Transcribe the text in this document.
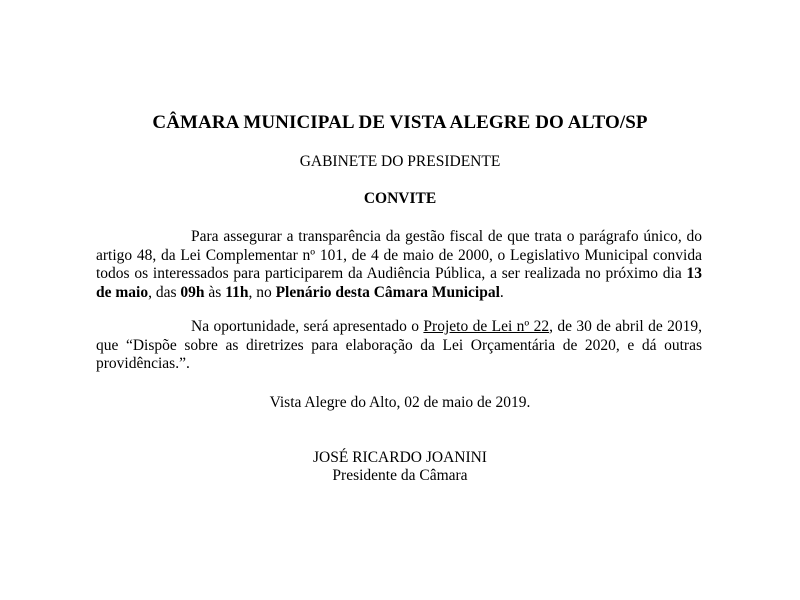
CÂMARA MUNICIPAL DE VISTA ALEGRE DO ALTO/SP

GABINETE DO PRESIDENTE

CONVITE

Para assegurar a transparência da gestão fiscal de que trata o parágrafo único, do artigo 48, da Lei Complementar nº 101, de 4 de maio de 2000, o Legislativo Municipal convida todos os interessados para participarem da Audiência Pública, a ser realizada no próximo dia 13 de maio, das 09h às 11h, no Plenário desta Câmara Municipal.

Na oportunidade, será apresentado o Projeto de Lei nº 22, de 30 de abril de 2019, que “Dispõe sobre as diretrizes para elaboração da Lei Orçamentária de 2020, e dá outras providências.”.

Vista Alegre do Alto, 02 de maio de 2019.

JOSÉ RICARDO JOANINI

Presidente da Câmara
